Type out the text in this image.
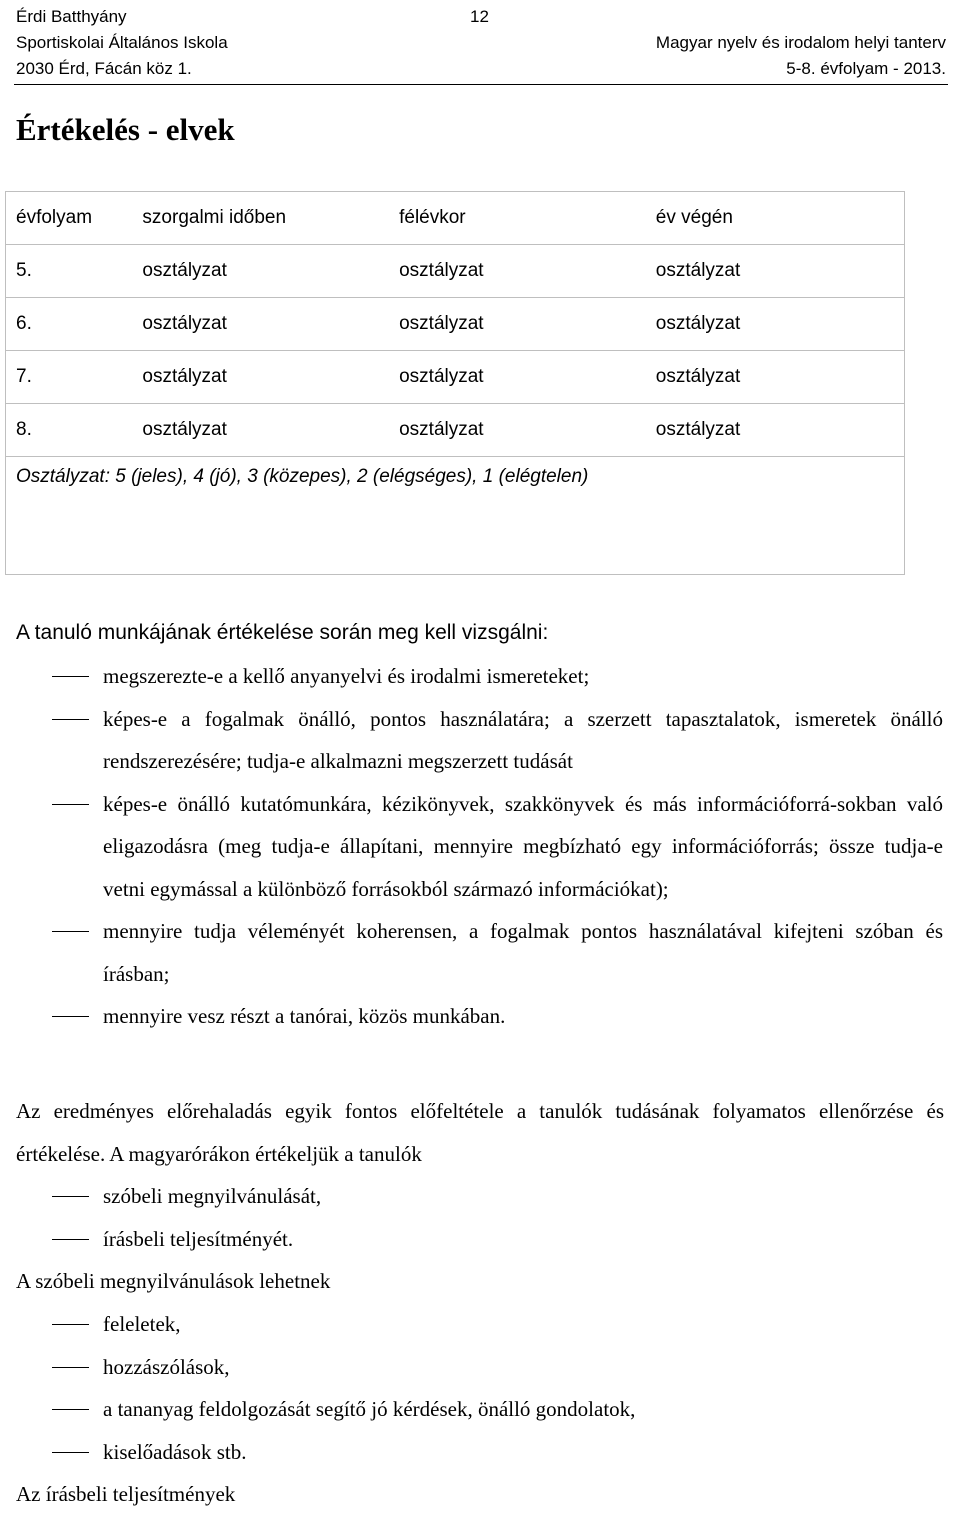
Érdi Batthyány
Sportiskolai Általános Iskola
2030 Érd, Fácán köz 1.
12
Magyar nyelv és irodalom helyi tanterv
5-8. évfolyam - 2013.
Értékelés - elvek
évfolyam	szorgalmi időben	félévkor	év végén
5.	osztályzat	osztályzat	osztályzat
6.	osztályzat	osztályzat	osztályzat
7.	osztályzat	osztályzat	osztályzat
8.	osztályzat	osztályzat	osztályzat
Osztályzat: 5 (jeles), 4 (jó), 3 (közepes), 2 (elégséges), 1 (elégtelen)			

A tanuló munkájának értékelése során meg kell vizsgálni:

megszerezte-e a kellő anyanyelvi és irodalmi ismereteket;
képes-e a fogalmak önálló, pontos használatára; a szerzett tapasztalatok, ismeretek önálló rendszerezésére; tudja-e alkalmazni megszerzett tudását
képes-e önálló kutatómunkára, kézikönyvek, szakkönyvek és más információforrá-sokban való eligazodásra (meg tudja-e állapítani, mennyire megbízható egy információforrás; össze tudja-e vetni egymással a különböző forrásokból származó információkat);
mennyire tudja véleményét koherensen, a fogalmak pontos használatával kifejteni szóban és írásban;
mennyire vesz részt a tanórai, közös munkában.

Az eredményes előrehaladás egyik fontos előfeltétele a tanulók tudásának folyamatos ellenőrzése és értékelése. A magyarórákon értékeljük a tanulók

szóbeli megnyilvánulását,
írásbeli teljesítményét.

A szóbeli megnyilvánulások lehetnek

feleletek,
hozzászólások,
a tananyag feldolgozását segítő jó kérdések, önálló gondolatok,
kiselőadások stb.

Az írásbeli teljesítmények
